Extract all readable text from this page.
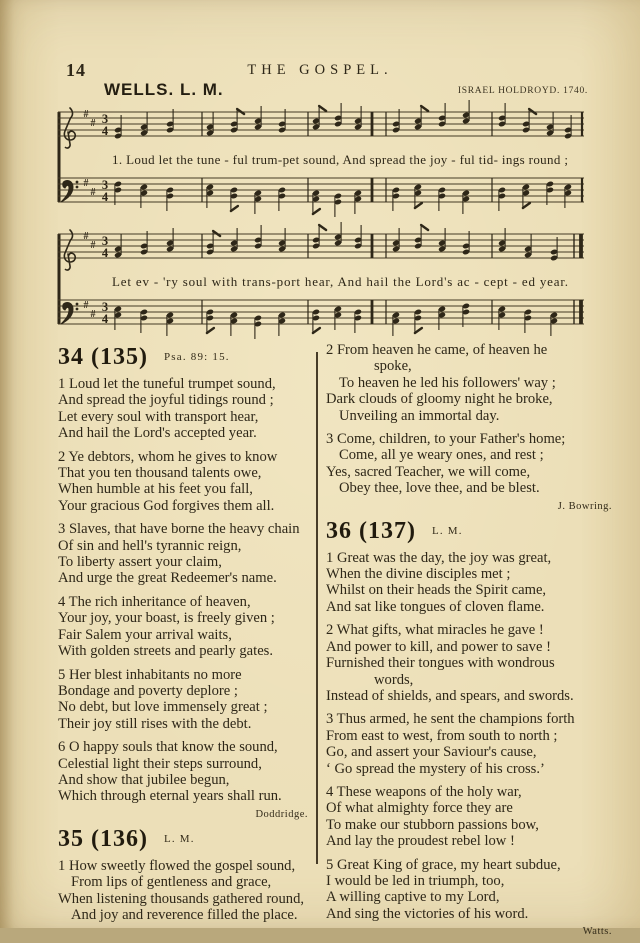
14	THE GOSPEL.
WELLS. L. M.	ISRAEL HOLDROYD. 1740.
#
# 3
4
#
#
3
4
1. Loud let the tune - ful trum-pet sound, And spread the joy - ful tid- ings round ;
#
# 3
4
#
#
3
4
Let ev - 'ry soul with trans-port hear, And hail the Lord's ac - cept - ed year.
34 (135) $^{Psa. 89: 15.}$

1 Loud let the tuneful trumpet sound,
And spread the joyful tidings round ;
Let every soul with transport hear,
And hail the Lord's accepted year.

2 Ye debtors, whom he gives to know
That you ten thousand talents owe,
When humble at his feet you fall,
Your gracious God forgives them all.

3 Slaves, that have borne the heavy chain
Of sin and hell's tyrannic reign,
To liberty assert your claim,
And urge the great Redeemer's name.

4 The rich inheritance of heaven,
Your joy, your boast, is freely given ;
Fair Salem your arrival waits,
With golden streets and pearly gates.

5 Her blest inhabitants no more
Bondage and poverty deplore ;
No debt, but love immensely great ;
Their joy still rises with the debt.

6 O happy souls that know the sound,
Celestial light their steps surround,
And show that jubilee begun,
Which through eternal years shall run.

Doddridge.
35 (136) $^{L. M.}$

1 How sweetly flowed the gospel sound,
From lips of gentleness and grace,
When listening thousands gathered round,
And joy and reverence filled the place.

2 From heaven he came, of heaven he
spoke,
To heaven he led his followers' way ;
Dark clouds of gloomy night he broke,
Unveiling an immortal day.

3 Come, children, to your Father's home;
Come, all ye weary ones, and rest ;
Yes, sacred Teacher, we will come,
Obey thee, love thee, and be blest.

J. Bowring.
36 (137) $^{L. M.}$

1 Great was the day, the joy was great,
When the divine disciples met ;
Whilst on their heads the Spirit came,
And sat like tongues of cloven flame.

2 What gifts, what miracles he gave !
And power to kill, and power to save !
Furnished their tongues with wondrous
words,
Instead of shields, and spears, and swords.

3 Thus armed, he sent the champions forth
From east to west, from south to north ;
Go, and assert your Saviour's cause,
‘ Go spread the mystery of his cross.’

4 These weapons of the holy war,
Of what almighty force they are
To make our stubborn passions bow,
And lay the proudest rebel low !

5 Great King of grace, my heart subdue,
I would be led in triumph, too,
A willing captive to my Lord,
And sing the victories of his word.

Watts.
